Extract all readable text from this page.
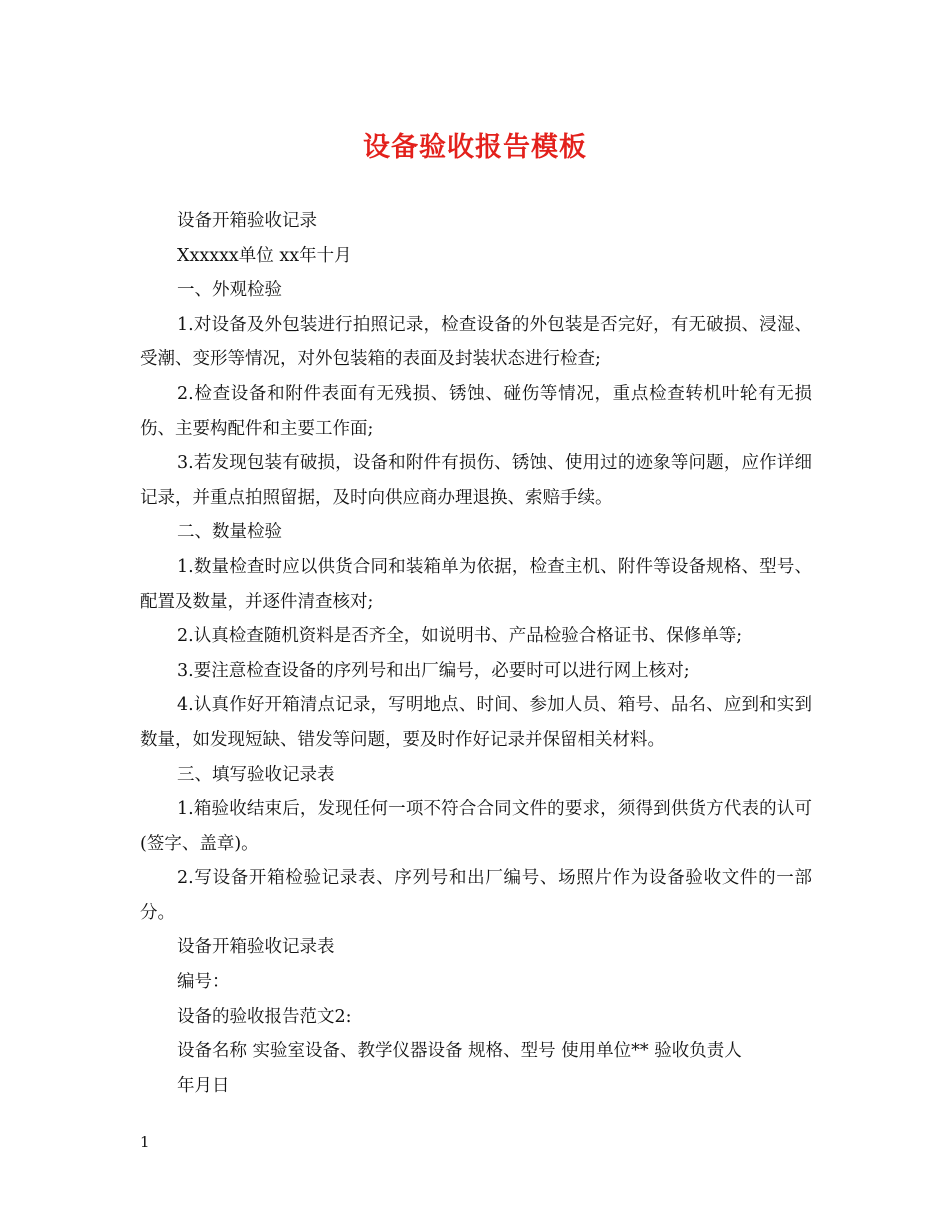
设备验收报告模板

设备开箱验收记录

Xxxxxx单位 xx年十月

一、外观检验

1.对设备及外包装进行拍照记录，检查设备的外包装是否完好，有无破损、浸湿、受潮、变形等情况，对外包装箱的表面及封装状态进行检查;

2.检查设备和附件表面有无残损、锈蚀、碰伤等情况，重点检查转机叶轮有无损伤、主要构配件和主要工作面;

3.若发现包装有破损，设备和附件有损伤、锈蚀、使用过的迹象等问题，应作详细记录，并重点拍照留据，及时向供应商办理退换、索赔手续。

二、数量检验

1.数量检查时应以供货合同和装箱单为依据，检查主机、附件等设备规格、型号、配置及数量，并逐件清查核对;

2.认真检查随机资料是否齐全，如说明书、产品检验合格证书、保修单等;

3.要注意检查设备的序列号和出厂编号，必要时可以进行网上核对;

4.认真作好开箱清点记录，写明地点、时间、参加人员、箱号、品名、应到和实到数量，如发现短缺、错发等问题，要及时作好记录并保留相关材料。

三、填写验收记录表

1.箱验收结束后，发现任何一项不符合合同文件的要求，须得到供货方代表的认可(签字、盖章)。

2.写设备开箱检验记录表、序列号和出厂编号、场照片作为设备验收文件的一部分。

设备开箱验收记录表

编号：

设备的验收报告范文2:

设备名称 实验室设备、教学仪器设备 规格、型号 使用单位** 验收负责人

年月日

1
